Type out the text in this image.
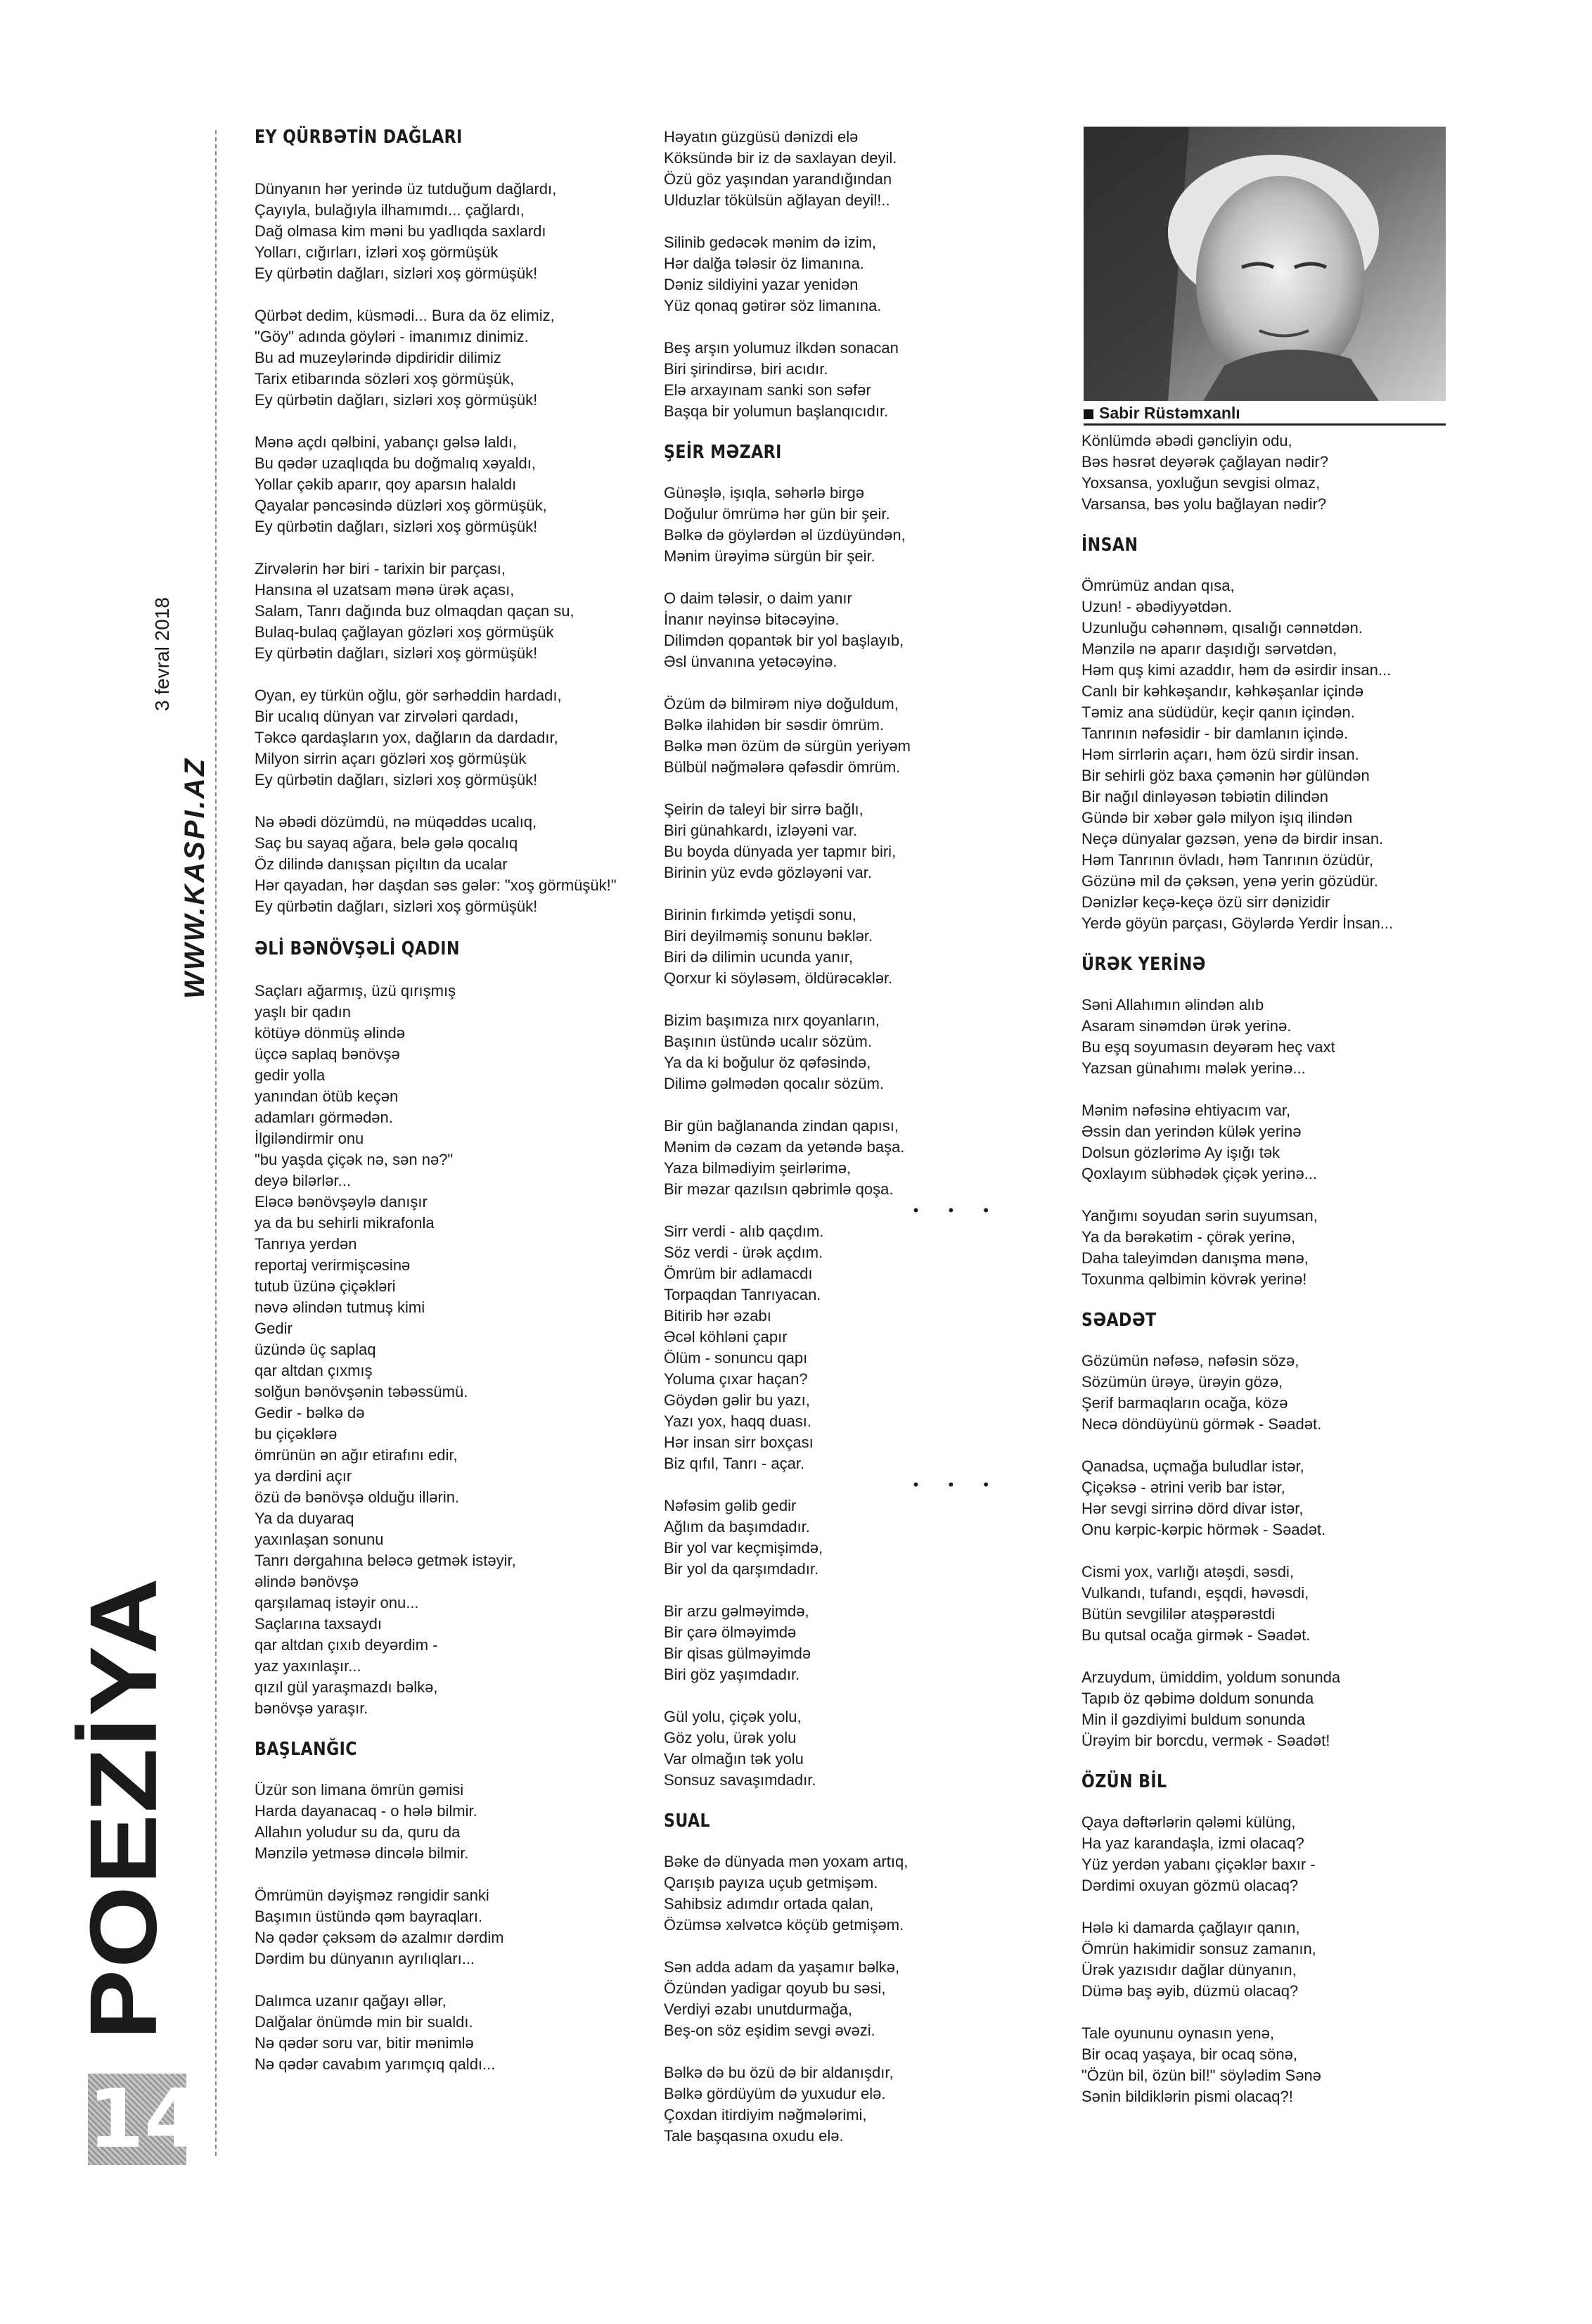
WWW.KASPI.AZ
3 fevral 2018
POEZİYA
14
EY QÜRBƏTİN DAĞLARI

Dünyanın hər yerində üz tutduğum dağlardı,

Çayıyla, bulağıyla ilhamımdı... çağlardı,

Dağ olmasa kim məni bu yadlıqda saxlardı

Yolları, cığırları, izləri xoş görmüşük

Ey qürbətin dağları, sizləri xoş görmüşük!

Qürbət dedim, küsmədi... Bura da öz elimiz,

"Göy" adında göyləri - imanımız dinimiz.

Bu ad muzeylərində dipdiridir dilimiz

Tarix etibarında sözləri xoş görmüşük,

Ey qürbətin dağları, sizləri xoş görmüşük!

Mənə açdı qəlbini, yabançı gəlsə laldı,

Bu qədər uzaqlıqda bu doğmalıq xəyaldı,

Yollar çəkib aparır, qoy aparsın halaldı

Qayalar pəncəsində düzləri xoş görmüşük,

Ey qürbətin dağları, sizləri xoş görmüşük!

Zirvələrin hər biri - tarixin bir parçası,

Hansına əl uzatsam mənə ürək açası,

Salam, Tanrı dağında buz olmaqdan qaçan su,

Bulaq-bulaq çağlayan gözləri xoş görmüşük

Ey qürbətin dağları, sizləri xoş görmüşük!

Oyan, ey türkün oğlu, gör sərhəddin hardadı,

Bir ucalıq dünyan var zirvələri qardadı,

Təkcə qardaşların yox, dağların da dardadır,

Milyon sirrin açarı gözləri xoş görmüşük

Ey qürbətin dağları, sizləri xoş görmüşük!

Nə əbədi dözümdü, nə müqəddəs ucalıq,

Saç bu sayaq ağara, belə gələ qocalıq

Öz dilində danışsan piçıltın da ucalar

Hər qayadan, hər daşdan səs gələr: "xoş görmüşük!"

Ey qürbətin dağları, sizləri xoş görmüşük!

ƏLİ BƏNÖVŞƏLİ QADIN

Saçları ağarmış, üzü qırışmış

yaşlı bir qadın

kötüyə dönmüş əlində

üçcə saplaq bənövşə

gedir yolla

yanından ötüb keçən

adamları görmədən.

İlgiləndirmir onu

"bu yaşda çiçək nə, sən nə?"

deyə bilərlər...

Eləcə bənövşəylə danışır

ya da bu sehirli mikrafonla

Tanrıya yerdən

reportaj verirmişcəsinə

tutub üzünə çiçəkləri

nəvə əlindən tutmuş kimi

Gedir

üzündə üç saplaq

qar altdan çıxmış

solğun bənövşənin təbəssümü.

Gedir - bəlkə də

bu çiçəklərə

ömrünün ən ağır etirafını edir,

ya dərdini açır

özü də bənövşə olduğu illərin.

Ya da duyaraq

yaxınlaşan sonunu

Tanrı dərgahına beləcə getmək istəyir,

əlində bənövşə

qarşılamaq istəyir onu...

Saçlarına taxsaydı

qar altdan çıxıb deyərdim -

yaz yaxınlaşır...

qızıl gül yaraşmazdı bəlkə,

bənövşə yaraşır.

BAŞLANĞIC

Üzür son limana ömrün gəmisi

Harda dayanacaq - o hələ bilmir.

Allahın yoludur su da, quru da

Mənzilə yetməsə dincələ bilmir.

Ömrümün dəyişməz rəngidir sanki

Başımın üstündə qəm bayraqları.

Nə qədər çəksəm də azalmır dərdim

Dərdim bu dünyanın ayrılıqları...

Dalımca uzanır qağayı əllər,

Dalğalar önümdə min bir sualdı.

Nə qədər soru var, bitir mənimlə

Nə qədər cavabım yarımçıq qaldı...

Həyatın güzgüsü dənizdi elə

Köksündə bir iz də saxlayan deyil.

Özü göz yaşından yarandığından

Ulduzlar tökülsün ağlayan deyil!..

Silinib gedəcək mənim də izim,

Hər dalğa tələsir öz limanına.

Dəniz sildiyini yazar yenidən

Yüz qonaq gətirər söz limanına.

Beş arşın yolumuz ilkdən sonacan

Biri şirindirsə, biri acıdır.

Elə arxayınam sanki son səfər

Başqa bir yolumun başlanqıcıdır.

ŞEİR MƏZARI

Günəşlə, işıqla, səhərlə birgə

Doğulur ömrümə hər gün bir şeir.

Bəlkə də göylərdən əl üzdüyündən,

Mənim ürəyimə sürgün bir şeir.

O daim tələsir, o daim yanır

İnanır nəyinsə bitəcəyinə.

Dilimdən qopantək bir yol başlayıb,

Əsl ünvanına yetəcəyinə.

Özüm də bilmirəm niyə doğuldum,

Bəlkə ilahidən bir səsdir ömrüm.

Bəlkə mən özüm də sürgün yeriyəm

Bülbül nəğmələrə qəfəsdir ömrüm.

Şeirin də taleyi bir sirrə bağlı,

Biri günahkardı, izləyəni var.

Bu boyda dünyada yer tapmır biri,

Birinin yüz evdə gözləyəni var.

Birinin fırkimdə yetişdi sonu,

Biri deyilməmiş sonunu bəklər.

Biri də dilimin ucunda yanır,

Qorxur ki söyləsəm, öldürəcəklər.

Bizim başımıza nırx qoyanların,

Başının üstündə ucalır sözüm.

Ya da ki boğulur öz qəfəsində,

Dilimə gəlmədən qocalır sözüm.

Bir gün bağlananda zindan qapısı,

Mənim də cəzam da yetəndə başa.

Yaza bilmədiyim şeirlərimə,

Bir məzar qazılsın qəbrimlə qoşa.

• • •

Sirr verdi - alıb qaçdım.

Söz verdi - ürək açdım.

Ömrüm bir adlamacdı

Torpaqdan Tanrıyacan.

Bitirib hər əzabı

Əcəl köhləni çapır

Ölüm - sonuncu qapı

Yoluma çıxar haçan?

Göydən gəlir bu yazı,

Yazı yox, haqq duası.

Hər insan sirr boxçası

Biz qıfıl, Tanrı - açar.

• • •

Nəfəsim gəlib gedir

Ağlım da başımdadır.

Bir yol var keçmişimdə,

Bir yol da qarşımdadır.

Bir arzu gəlməyimdə,

Bir çarə ölməyimdə

Bir qisas gülməyimdə

Biri göz yaşımdadır.

Gül yolu, çiçək yolu,

Göz yolu, ürək yolu

Var olmağın tək yolu

Sonsuz savaşımdadır.

SUAL

Bəke də dünyada mən yoxam artıq,

Qarışıb payıza uçub getmişəm.

Sahibsiz adımdır ortada qalan,

Özümsə xəlvətcə köçüb getmişəm.

Sən adda adam da yaşamır bəlkə,

Özündən yadigar qoyub bu səsi,

Verdiyi əzabı unutdurmağa,

Beş-on söz eşidim sevgi əvəzi.

Bəlkə də bu özü də bir aldanışdır,

Bəlkə gördüyüm də yuxudur elə.

Çoxdan itirdiyim nəğmələrimi,

Tale başqasına oxudu elə.

Sabir Rüstəmxanlı

Könlümdə əbədi gəncliyin odu,

Bəs həsrət deyərək çağlayan nədir?

Yoxsansa, yoxluğun sevgisi olmaz,

Varsansa, bəs yolu bağlayan nədir?

İNSAN

Ömrümüz andan qısa,

Uzun! - əbədiyyətdən.

Uzunluğu cəhənnəm, qısalığı cənnətdən.

Mənzilə nə aparır daşıdığı sərvətdən,

Həm quş kimi azaddır, həm də əsirdir insan...

Canlı bir kəhkəşandır, kəhkəşanlar içində

Təmiz ana südüdür, keçir qanın içindən.

Tanrının nəfəsidir - bir damlanın içində.

Həm sirrlərin açarı, həm özü sirdir insan.

Bir sehirli göz baxa çəmənin hər gülündən

Bir nağıl dinləyəsən təbiətin dilindən

Gündə bir xəbər gələ milyon işıq ilindən

Neçə dünyalar gəzsən, yenə də birdir insan.

Həm Tanrının övladı, həm Tanrının özüdür,

Gözünə mil də çəksən, yenə yerin gözüdür.

Dənizlər keçə-keçə özü sirr dənizidir

Yerdə göyün parçası, Göylərdə Yerdir İnsan...

ÜRƏK YERİNƏ

Səni Allahımın əlindən alıb

Asaram sinəmdən ürək yerinə.

Bu eşq soyumasın deyərəm heç vaxt

Yazsan günahımı mələk yerinə...

Mənim nəfəsinə ehtiyacım var,

Əssin dan yerindən külək yerinə

Dolsun gözlərimə Ay işığı tək

Qoxlayım sübhədək çiçək yerinə...

Yanğımı soyudan sərin suyumsan,

Ya da bərəkətim - çörək yerinə,

Daha taleyimdən danışma mənə,

Toxunma qəlbimin kövrək yerinə!

SƏADƏT

Gözümün nəfəsə, nəfəsin sözə,

Sözümün ürəyə, ürəyin gözə,

Şerif barmaqların ocağa, közə

Necə döndüyünü görmək - Səadət.

Qanadsa, uçmağa buludlar istər,

Çiçəksə - ətrini verib bar istər,

Hər sevgi sirrinə dörd divar istər,

Onu kərpic-kərpic hörmək - Səadət.

Cismi yox, varlığı atəşdi, səsdi,

Vulkandı, tufandı, eşqdi, həvəsdi,

Bütün sevgililər atəşpərəstdi

Bu qutsal ocağa girmək - Səadət.

Arzuydum, ümiddim, yoldum sonunda

Tapıb öz qəbimə doldum sonunda

Min il gəzdiyimi buldum sonunda

Ürəyim bir borcdu, vermək - Səadət!

ÖZÜN BİL

Qaya dəftərlərin qələmi külüng,

Ha yaz karandaşla, izmi olacaq?

Yüz yerdən yabanı çiçəklər baxır -

Dərdimi oxuyan gözmü olacaq?

Hələ ki damarda çağlayır qanın,

Ömrün hakimidir sonsuz zamanın,

Ürək yazısıdır dağlar dünyanın,

Dümə baş əyib, düzmü olacaq?

Tale oyununu oynasın yenə,

Bir ocaq yaşaya, bir ocaq sönə,

"Özün bil, özün bil!" söylədim Sənə

Sənin bildiklərin pismi olacaq?!
